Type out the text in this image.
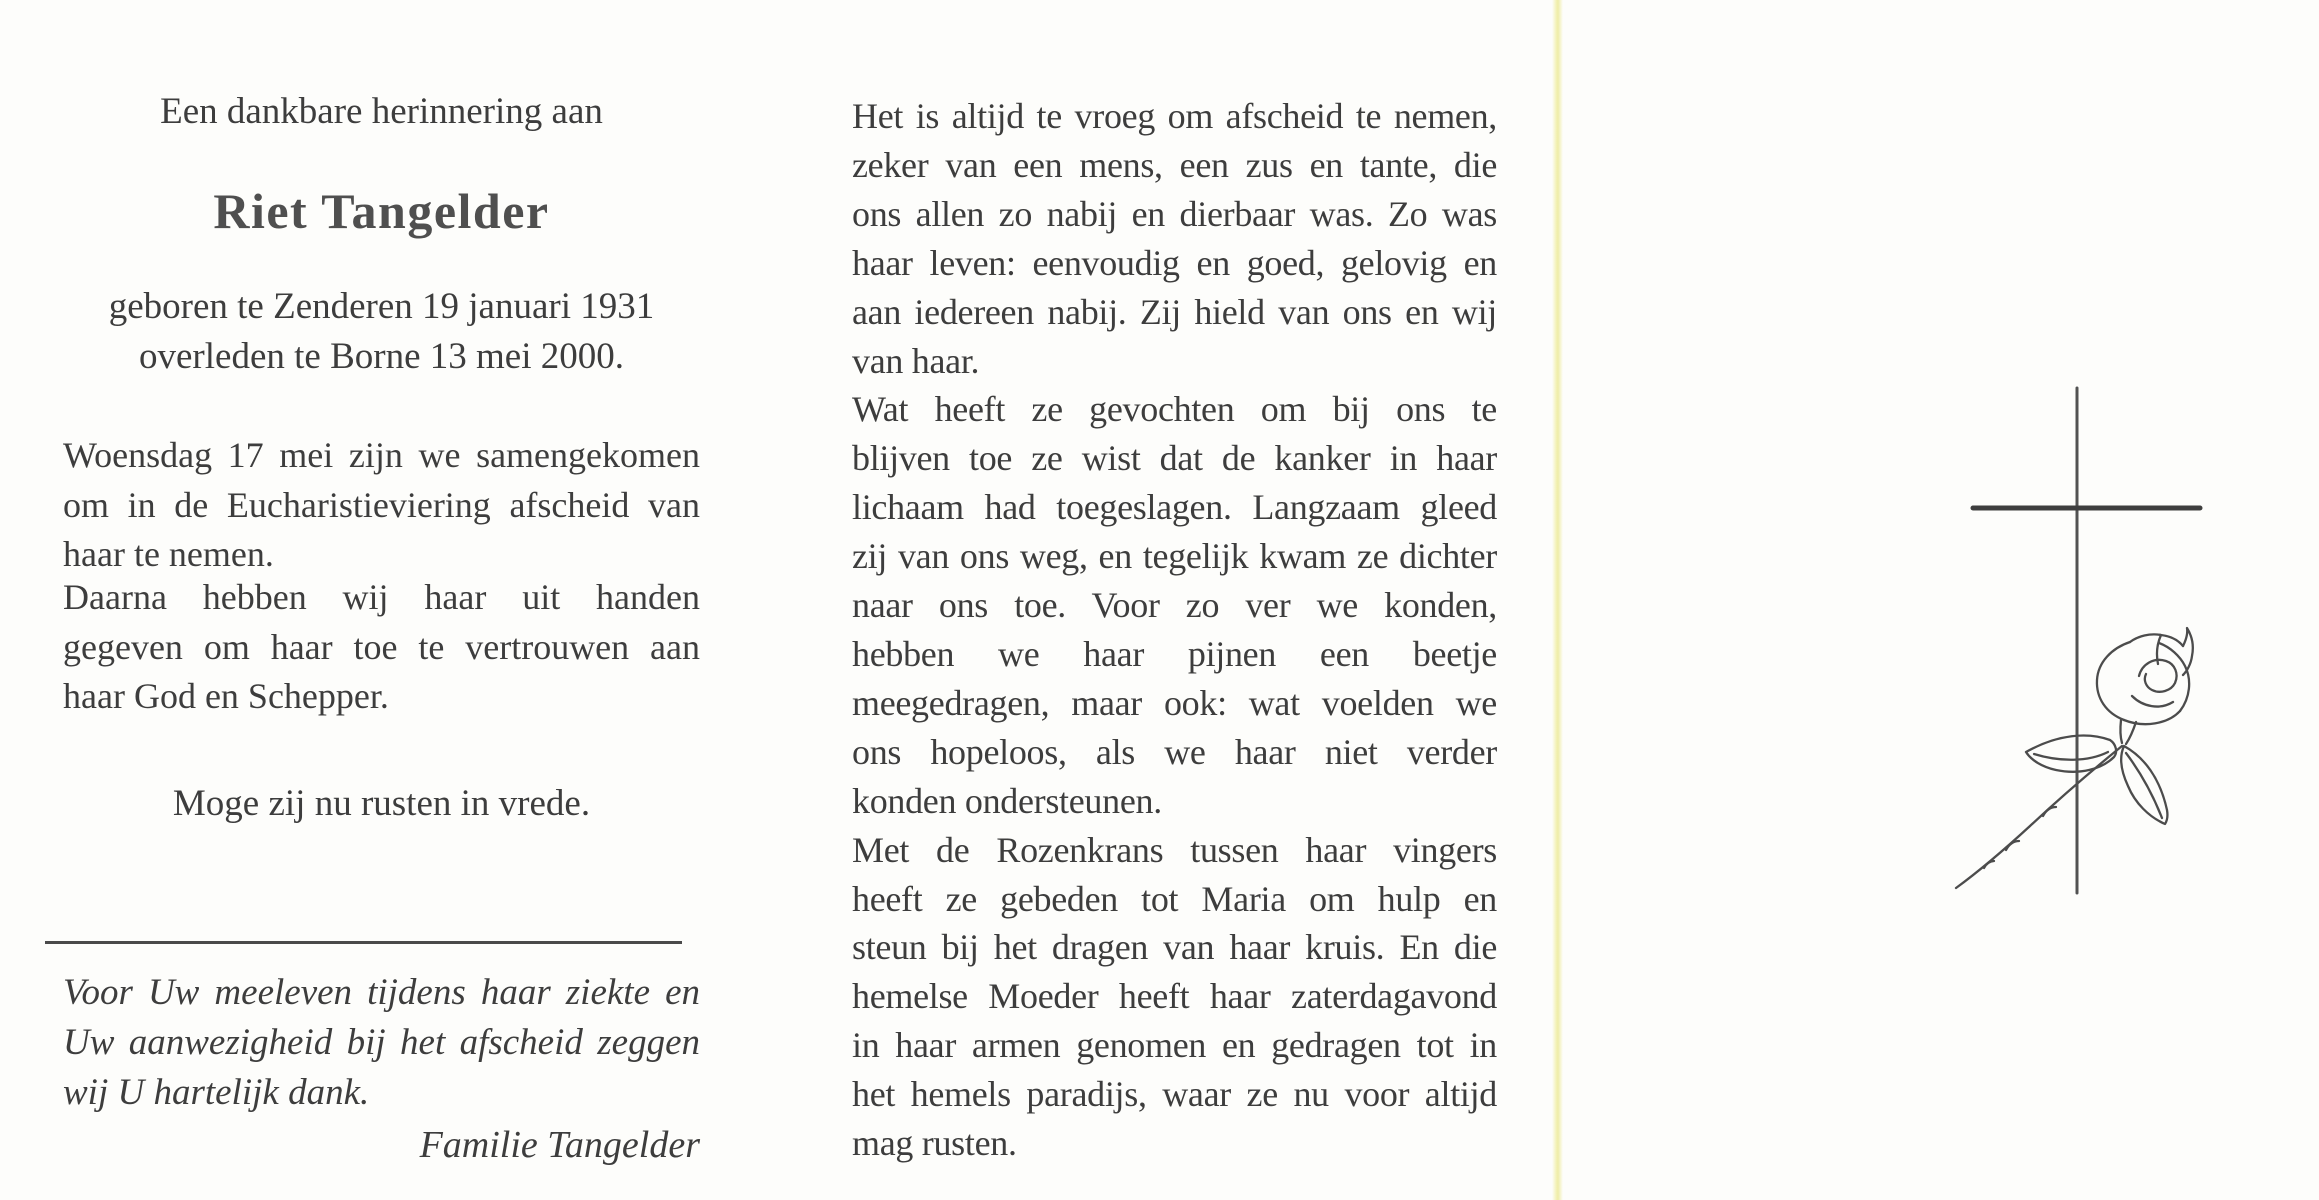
Een dankbare herinnering aan

Riet Tangelder

geboren te Zenderen 19 januari 1931

overleden te Borne 13 mei 2000.

Woensdag 17 mei zijn we samengekomen
om in de Eucharistieviering afscheid van
haar te nemen.
Daarna hebben wij haar uit handen
gegeven om haar toe te vertrouwen aan
haar God en Schepper.

Moge zij nu rusten in vrede.

Voor Uw meeleven tijdens haar ziekte en
Uw aanwezigheid bij het afscheid zeggen
wij U hartelijk dank.

Familie Tangelder

Het is altijd te vroeg om afscheid te nemen,
zeker van een mens, een zus en tante, die
ons allen zo nabij en dierbaar was. Zo was
haar leven: eenvoudig en goed, gelovig en
aan iedereen nabij. Zij hield van ons en wij
van haar.
Wat heeft ze gevochten om bij ons te
blijven toe ze wist dat de kanker in haar
lichaam had toegeslagen. Langzaam gleed
zij van ons weg, en tegelijk kwam ze dichter
naar ons toe. Voor zo ver we konden,
hebben we haar pijnen een beetje
meegedragen, maar ook: wat voelden we
ons hopeloos, als we haar niet verder
konden ondersteunen.
Met de Rozenkrans tussen haar vingers
heeft ze gebeden tot Maria om hulp en
steun bij het dragen van haar kruis. En die
hemelse Moeder heeft haar zaterdagavond
in haar armen genomen en gedragen tot in
het hemels paradijs, waar ze nu voor altijd
mag rusten.
